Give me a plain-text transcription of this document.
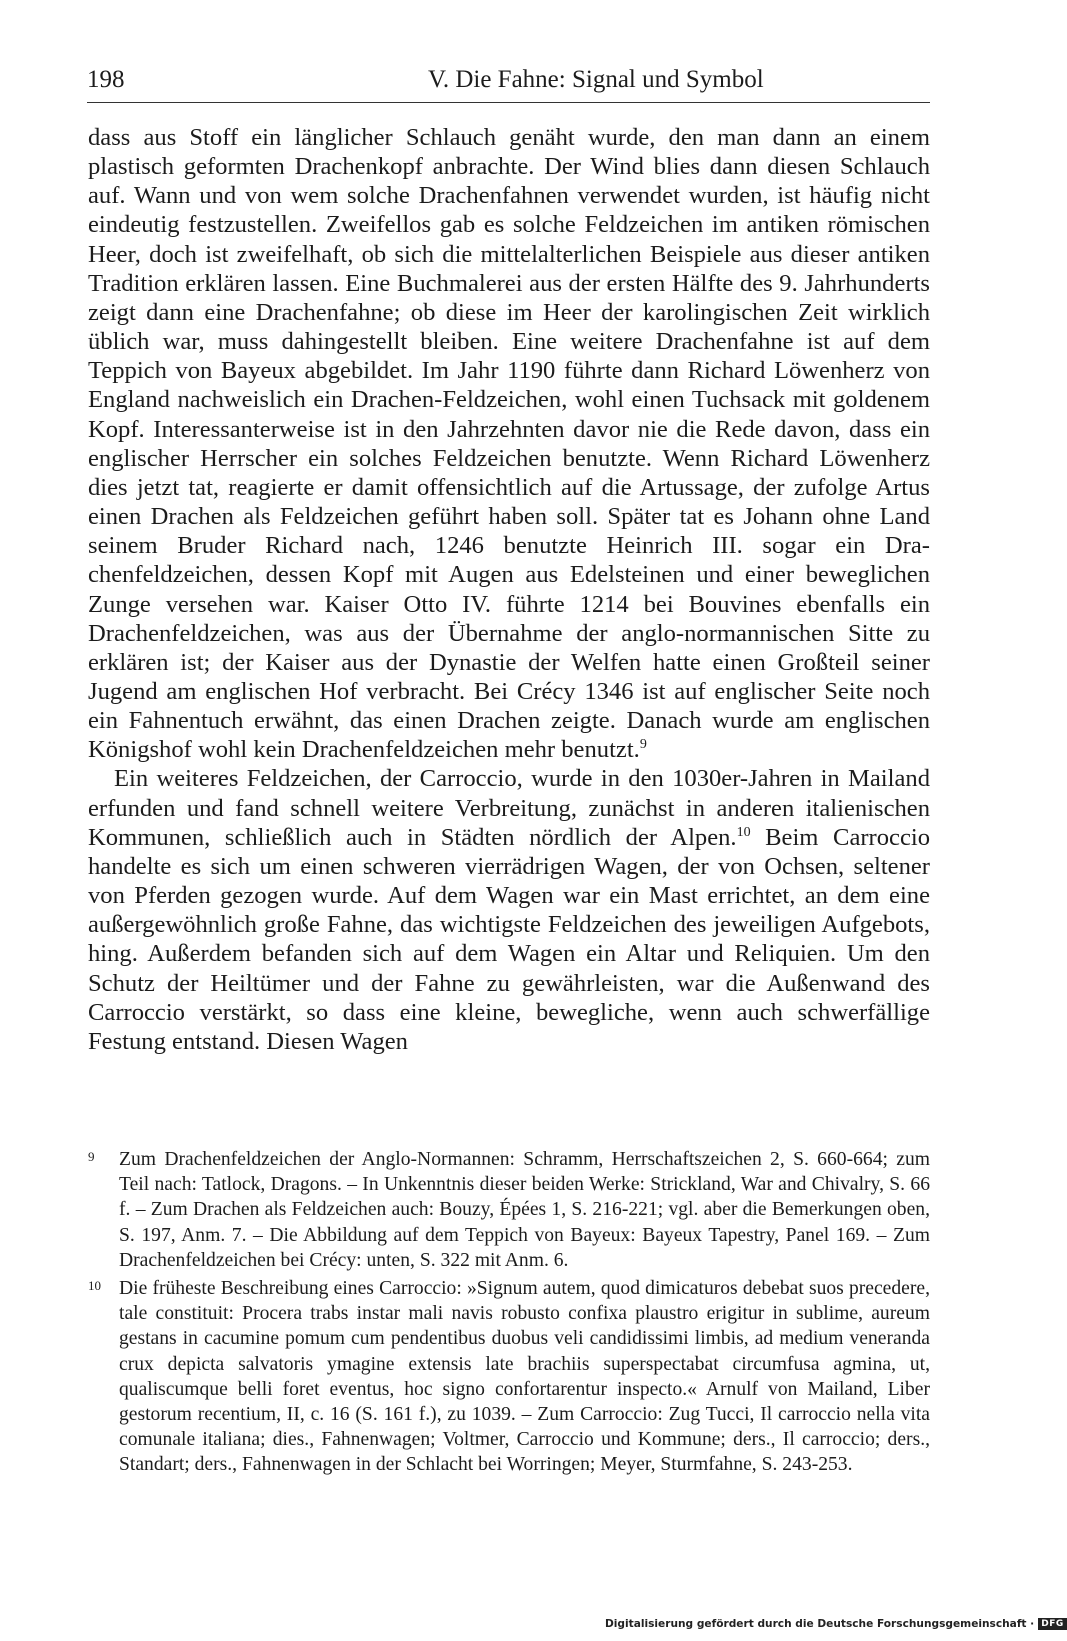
198	V. Die Fahne: Signal und Symbol

dass aus Stoff ein länglicher Schlauch genäht wurde, den man dann an einem plastisch geformten Drachenkopf anbrachte. Der Wind blies dann diesen Schlauch auf. Wann und von wem solche Drachenfahnen verwendet wurden, ist häufig nicht eindeutig festzustellen. Zweifellos gab es solche Feldzeichen im antiken römischen Heer, doch ist zweifelhaft, ob sich die mittelalterlichen Beispiele aus dieser antiken Tradition erklären lassen. Eine Buchmalerei aus der ersten Hälfte des 9. Jahrhunderts zeigt dann eine Drachenfahne; ob diese im Heer der karolingischen Zeit wirklich üblich war, muss dahingestellt bleiben. Eine weitere Drachenfahne ist auf dem Teppich von Bayeux abgebildet. Im Jahr 1190 führte dann Richard Löwenherz von England nachweislich ein Drachen-Feldzeichen, wohl einen Tuchsack mit goldenem Kopf. Interessanterweise ist in den Jahrzehnten davor nie die Rede davon, dass ein englischer Herrscher ein solches Feldzeichen benutzte. Wenn Richard Löwenherz dies jetzt tat, reagierte er damit offensichtlich auf die Artussage, der zufolge Artus einen Drachen als Feldzeichen geführt haben soll. Später tat es Johann ohne Land seinem Bruder Richard nach, 1246 benutzte Heinrich III. sogar ein Drachenfeldzeichen, dessen Kopf mit Augen aus Edelsteinen und einer beweglichen Zunge versehen war. Kaiser Otto IV. führte 1214 bei Bouvines ebenfalls ein Drachenfeldzeichen, was aus der Übernahme der anglo-normannischen Sitte zu erklären ist; der Kaiser aus der Dynastie der Welfen hatte einen Großteil seiner Jugend am englischen Hof verbracht. Bei Crécy 1346 ist auf englischer Seite noch ein Fahnentuch erwähnt, das einen Drachen zeigte. Danach wurde am englischen Königshof wohl kein Drachenfeldzeichen mehr benutzt.$^9$

Ein weiteres Feldzeichen, der Carroccio, wurde in den 1030er-Jahren in Mailand erfunden und fand schnell weitere Verbreitung, zunächst in anderen italienischen Kommunen, schließlich auch in Städten nördlich der Alpen.$^{10}$ Beim Carroccio handelte es sich um einen schweren vierrädrigen Wagen, der von Ochsen, seltener von Pferden gezogen wurde. Auf dem Wagen war ein Mast errichtet, an dem eine außergewöhnlich große Fahne, das wichtigste Feldzeichen des jeweiligen Aufgebots, hing. Außerdem befanden sich auf dem Wagen ein Altar und Reliquien. Um den Schutz der Heiltümer und der Fahne zu gewährleisten, war die Außenwand des Carroccio verstärkt, so dass eine kleine, bewegliche, wenn auch schwerfällige Festung entstand. Diesen Wagen

9 Zum Drachenfeldzeichen der Anglo-Normannen: Schramm, Herrschaftszeichen 2, S. 660-664; zum Teil nach: Tatlock, Dragons. – In Unkenntnis dieser beiden Werke: Strickland, War and Chivalry, S. 66 f. – Zum Drachen als Feldzeichen auch: Bouzy, Épées 1, S. 216-221; vgl. aber die Bemerkungen oben, S. 197, Anm. 7. – Die Abbildung auf dem Teppich von Bayeux: Bayeux Tapestry, Panel 169. – Zum Drachenfeldzeichen bei Crécy: unten, S. 322 mit Anm. 6.

10 Die früheste Beschreibung eines Carroccio: »Signum autem, quod dimicaturos debebat suos precedere, tale constituit: Procera trabs instar mali navis robusto confixa plaustro erigitur in sublime, aureum gestans in cacumine pomum cum pendentibus duobus veli candidissimi limbis, ad medium veneranda crux depicta salvatoris ymagine extensis late brachiis superspectabat circumfusa agmina, ut, qualiscumque belli foret eventus, hoc signo confortarentur inspecto.« Arnulf von Mailand, Liber gestorum recentium, II, c. 16 (S. 161 f.), zu 1039. – Zum Carroccio: Zug Tucci, Il carroccio nella vita comunale italiana; dies., Fahnenwagen; Voltmer, Carroccio und Kommune; ders., Il carroccio; ders., Standart; ders., Fahnenwagen in der Schlacht bei Worringen; Meyer, Sturmfahne, S. 243-253.

Digitalisierung gefördert durch die Deutsche Forschungsgemeinschaft · DFG
